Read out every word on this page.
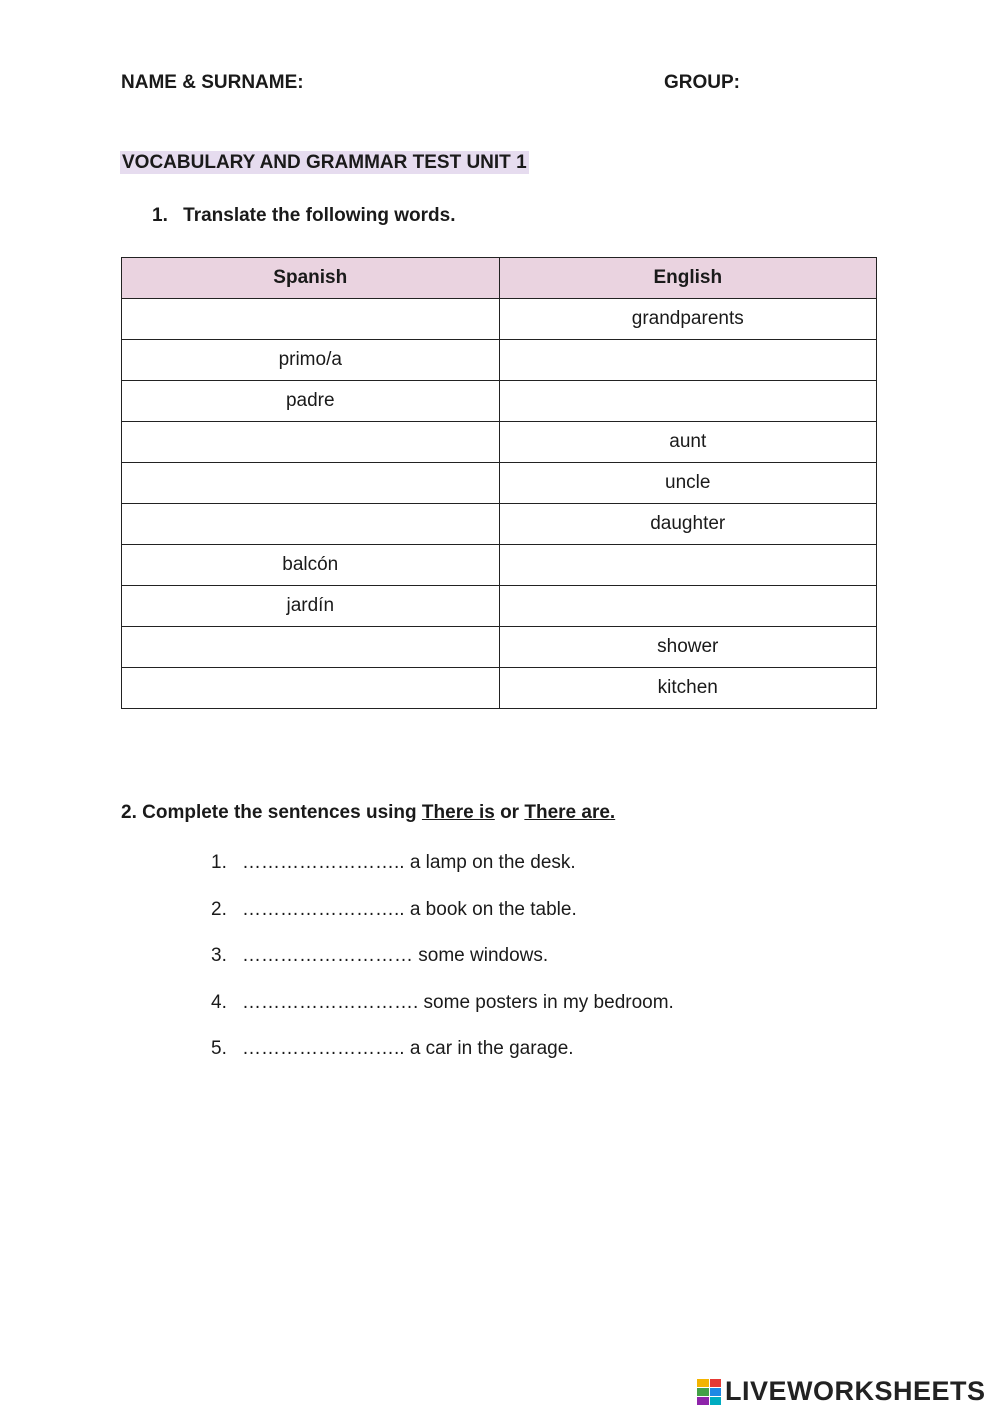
NAME & SURNAME:	GROUP:
VOCABULARY AND GRAMMAR TEST UNIT 1
1. Translate the following words.
Spanish	English
	grandparents
primo/a	
padre	
	aunt
	uncle
	daughter
balcón	
jardín	
	shower
	kitchen
2. Complete the sentences using There is or There are.
1. …………………….. a lamp on the desk.
2. …………………….. a book on the table.
3. ……………………… some windows.
4. ………………………. some posters in my bedroom.
5. …………………….. a car in the garage.
LIVEWORKSHEETS
